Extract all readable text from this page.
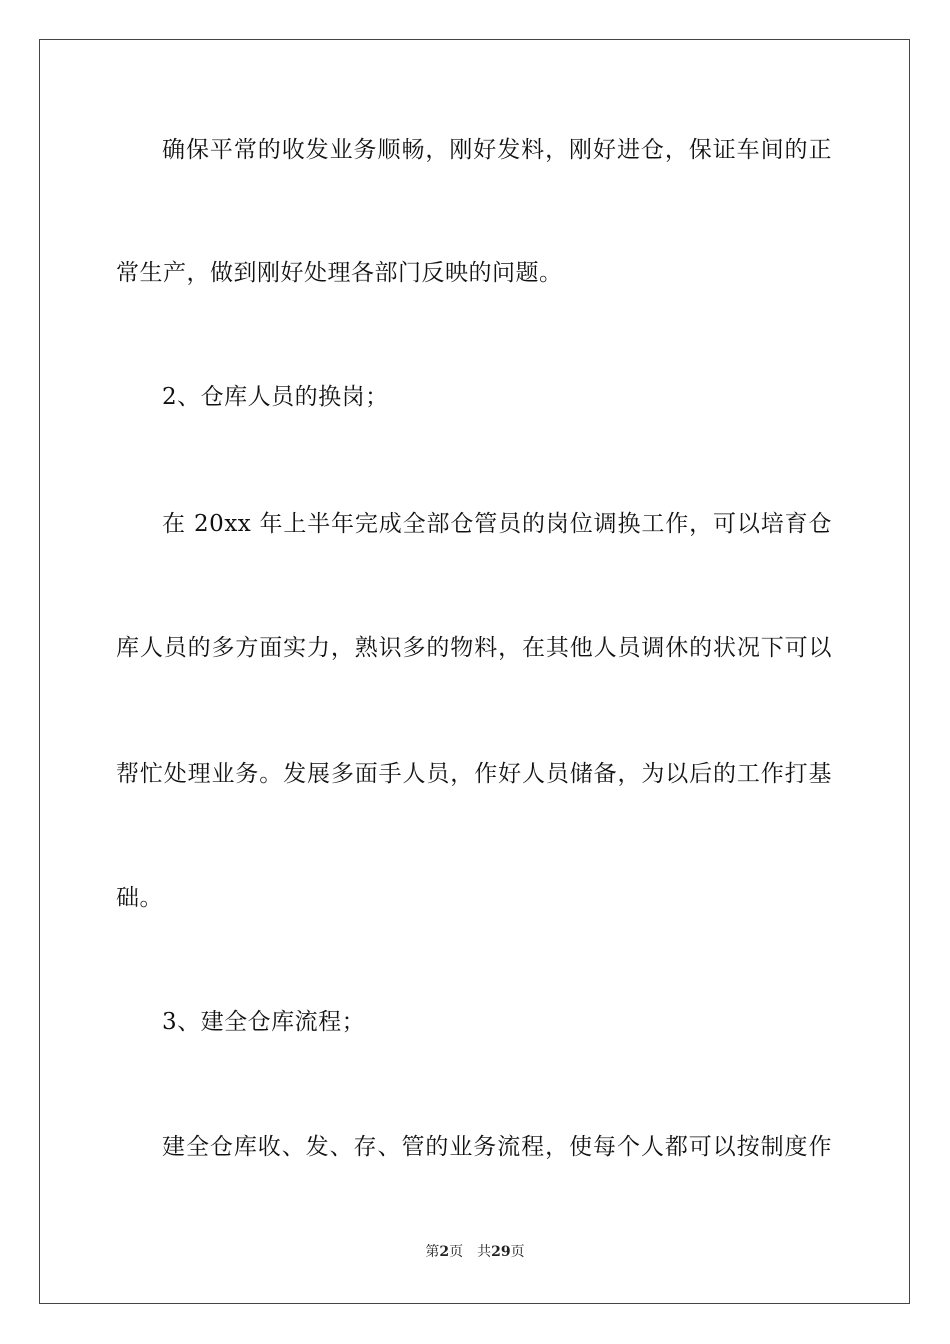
确保平常的收发业务顺畅，刚好发料，刚好进仓，保证车间的正

常生产，做到刚好处理各部门反映的问题。

2、仓库人员的换岗；

在 20xx 年上半年完成全部仓管员的岗位调换工作，可以培育仓

库人员的多方面实力，熟识多的物料，在其他人员调休的状况下可以

帮忙处理业务。发展多面手人员，作好人员储备，为以后的工作打基

础。

3、建全仓库流程；

建全仓库收、发、存、管的业务流程，使每个人都可以按制度作

第2页 共29页
